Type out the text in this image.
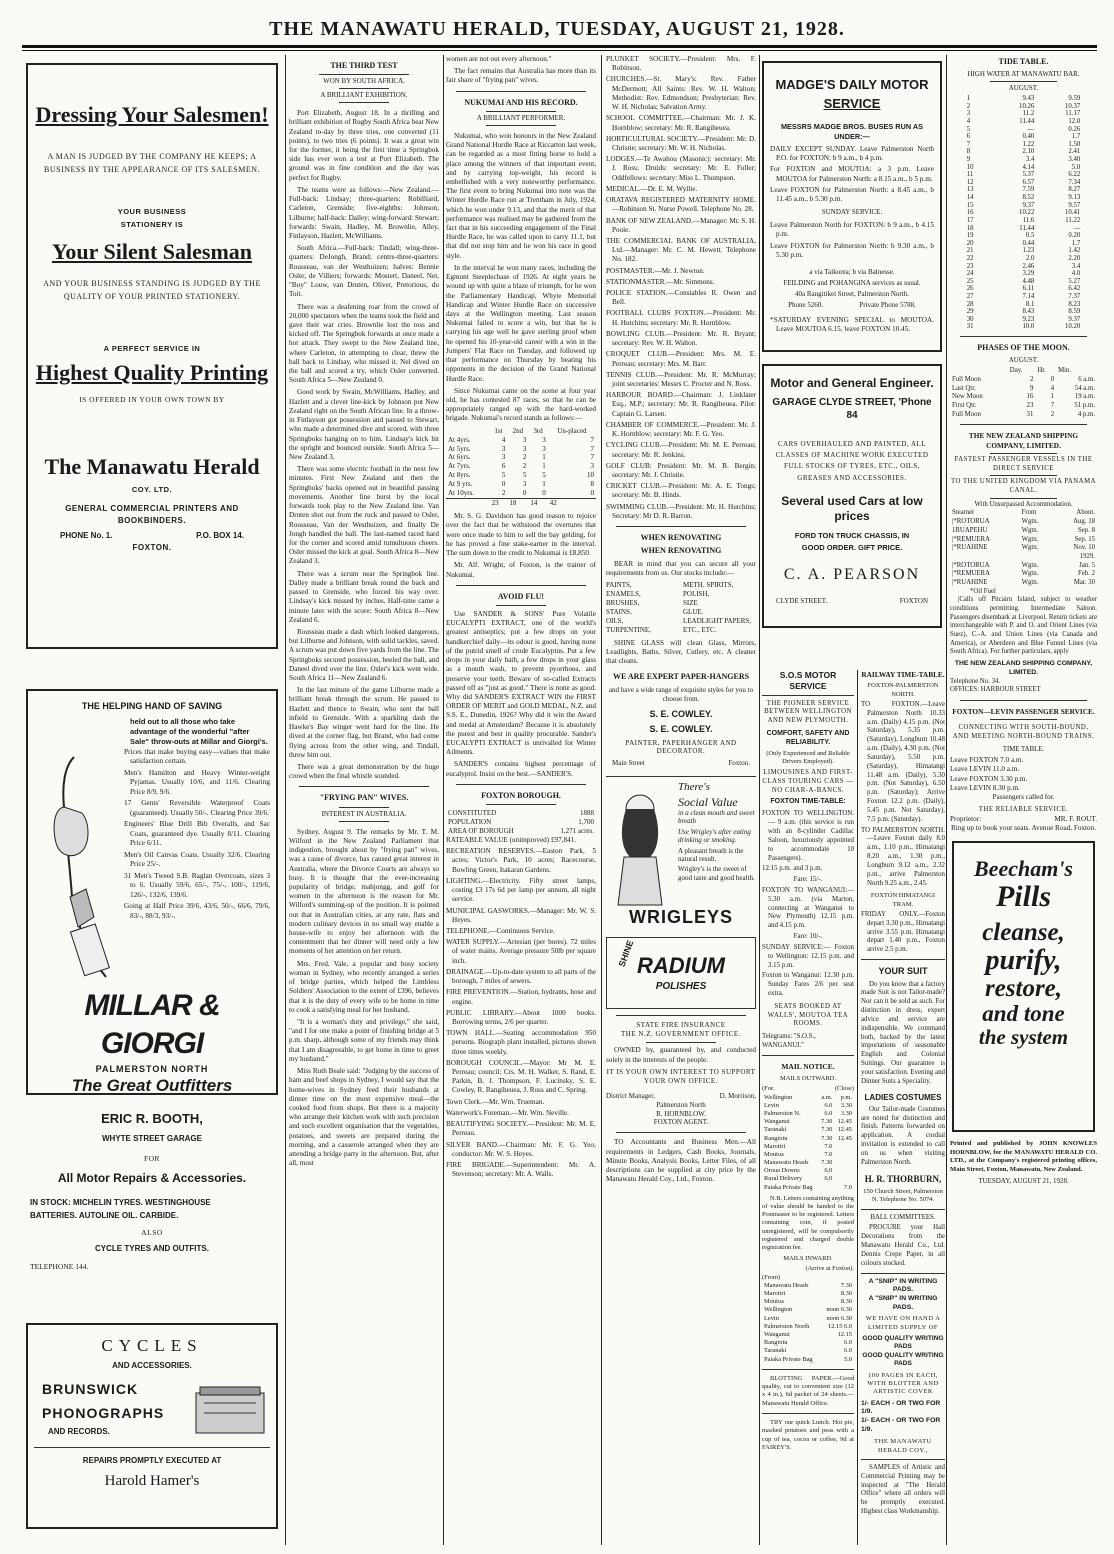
THE MANAWATU HERALD, TUESDAY, AUGUST 21, 1928.
Dressing Your Salesmen!
A MAN IS JUDGED BY THE COMPANY HE KEEPS; A BUSINESS BY THE APPEARANCE OF ITS SALESMEN.
YOUR BUSINESS STATIONERY IS
Your Silent Salesman
AND YOUR BUSINESS STANDING IS JUDGED BY THE QUALITY OF YOUR PRINTED STATIONERY.
A PERFECT SERVICE IN
Highest Quality Printing
IS OFFERED IN YOUR OWN TOWN BY
The Manawatu Herald
COY. LTD.
GENERAL COMMERCIAL PRINTERS AND BOOKBINDERS.
PHONE No. 1.	P.O. BOX 14.
FOXTON.
THE HELPING HAND OF SAVING
held out to all those who take advantage of the wonderful "after Sale" throw-outs at Millar and Giorgi's.

Prices that make buying easy—values that make satisfaction certain.

Men's Hamilton and Heavy Winter-weight Pyjamas. Usually 10/6, and 11/6. Clearing Price 8/9, 9/6.

17 Gents' Reversible Waterproof Coats (guaranteed). Usually 50/-. Clearing Price 39/6.

Engineers' Blue Drill Bib Overalls, and Sac Coats, guaranteed dye. Usually 8/11. Clearing Price 6/11.

Men's Oil Canvas Coats. Usually 32/6. Clearing Price 25/-.

31 Men's Tweed S.B. Raglan Overcoats, sizes 3 to 6. Usually 59/6, 65/-, 75/-, 100/-, 119/6, 126/-, 132/6, 139/6.

Going at Half Price 39/6, 43/6, 50/-, 66/6, 79/6, 83/-, 88/3, 93/-.

MILLAR & GIORGI
PALMERSTON NORTH
The Great Outfitters
ERIC R. BOOTH,
WHYTE STREET GARAGE
FOR
All Motor Repairs & Accessories.
IN STOCK: MICHELIN TYRES. WESTINGHOUSE BATTERIES. AUTOLINE OIL. CARBIDE.
ALSO
CYCLE TYRES AND OUTFITS.
TELEPHONE 144.
CYCLES
AND ACCESSORIES.
BRUNSWICK
PHONOGRAPHS
AND RECORDS.
REPAIRS PROMPTLY EXECUTED AT
Harold Hamer's
THE THIRD TEST
WON BY SOUTH AFRICA.
A BRILLIANT EXHIBITION.

Port Elizabeth, August 18. In a thrilling and brilliant exhibition of Rugby South Africa beat New Zealand to-day by three tries, one converted (11 points), to two tries (6 points). It was a great win for the former, it being the first time a Springbok side has ever won a test at Port Elizabeth. The ground was in fine condition and the day was perfect for Rugby.

The teams were as follows:—New Zealand.—Full-back: Lindsay; three-quarters: Robilliard, Carleton, Grenside; five-eighths: Johnson, Lilburne; half-back: Dalley; wing-forward: Stewart; forwards: Swain, Hadley, M. Brownlie, Alley, Finlayson, Hazlett, McWilliams.

South Africa.—Full-back: Tindall; wing-three-quarters: DeJongh, Brand; centre-three-quarters: Rousseau, van der Westhuizen; halves: Bennie Osler, de Villiers; forwards: Mostert, Daneel, Net, "Boy" Louw, van Druten, Oliver, Pretorious, du Toit.

There was a deafening roar from the crowd of 20,000 spectators when the teams took the field and gave their war cries. Brownlie lost the toss and kicked off. The Springbok forwards at once made a hot attack. They swept to the New Zealand line, where Carleton, in attempting to clear, threw the ball back to Lindsay, who missed it. Nel dived on the ball and scored a try, which Osler converted. South Africa 5—New Zealand 0.

Good work by Swain, McWilliams, Hadley, and Hazlett and a clever line-kick by Johnson put New Zealand right on the South African line. In a throw-in Finlayson got possession and passed to Stewart, who made a determined dive and scored, with three Springboks hanging on to him. Lindsay's kick hit the upright and bounced outside. South Africa 5—New Zealand 3.

There was some electric football in the next few minutes. First New Zealand and then the Springboks' backs opened out in beautiful passing movements. Another fine burst by the local forwards took play to the New Zealand line. Van Druten shot out from the ruck and passed to Osler, Rousseau, Van der Westhuizen, and finally De Jongh handled the ball. The last-named raced hard for the corner and scored amid tumultuous cheers. Osler missed the kick at goal. South Africa 8—New Zealand 3.

There was a scrum near the Springbok line. Dalley made a brilliant break round the back and passed to Grenside, who forced his way over. Lindsay's kick missed by inches. Half-time came a minute later with the score: South Africa 8—New Zealand 6.

Rousseau made a dash which looked dangerous, but Lilburne and Johnson, with solid tackles, saved. A scrum was put down five yards from the line. The Springboks secured possession, heeled the ball, and Daneel dived over the line. Osler's kick went wide. South Africa 11—New Zealand 6.

In the last minute of the game Lilburne made a brilliant break through the scrum. He passed to Hazlett and thence to Swain, who sent the ball infield to Grenside. With a sparkling dash the Hawke's Bay winger went hard for the line. He dived at the corner flag, but Brand, who had come flying across from the other wing, and Tindall, threw him out.

There was a great demonstration by the huge crowd when the final whistle sounded.

"FRYING PAN" WIVES.
INTEREST IN AUSTRALIA.

Sydney, August 9. The remarks by Mr. T. M. Wilford in the New Zealand Parliament that indigestion, brought about by "frying pan" wives, was a cause of divorce, has caused great interest in Australia, where the Divorce Courts are always so busy. It is thought that the ever-increasing popularity of bridge, mahjongg, and golf for women in the afternoon is the reason for Mr. Wilford's summing-up of the position. It is pointed out that in Australian cities, at any rate, flats and modern culinary devices in no small way enable a house-wife to enjoy her afternoon with the contentment that her dinner will need only a few moments of her attention on her return.

Mrs. Fred. Vale, a popular and busy society woman in Sydney, who recently arranged a series of bridge parties, which helped the Limbless Soldiers' Association to the extent of £396, believes that it is the duty of every wife to be home in time to cook a satisfying meal for her husband.

"It is a woman's duty and privilege," she said, "and I for one make a point of finishing bridge at 5 p.m. sharp, although some of my friends may think that I am disagreeable, to get home in time to greet my husband."

Miss Ruth Beale said: "Judging by the success of ham and beef shops in Sydney, I would say that the home-wives in Sydney feed their husbands at dinner time on the most expensive meal—the cooked food from shops. But there is a majority who arrange their kitchen work with such precision and such excellent organisation that the vegetables, potatoes, and sweets are prepared during the morning, and a casserole arranged when they are attending a bridge party in the afternoon. But, after all, most

women are not out every afternoon."

The fact remains that Australia has more than its fair share of "frying pan" wives.

NUKUMAI AND HIS RECORD.
A BRILLIANT PERFORMER.

Nukumai, who won honours in the New Zealand Grand National Hurdle Race at Riccarton last week, can be regarded as a most fitting horse to hold a place among the winners of that important event, and by carrying top-weight, his record is embellished with a very noteworthy performance. The first event to bring Nukumai into note was the Winter Hurdle Race run at Trentham in July, 1924, which he won under 9.13, and that the merit of that performance was realised may be gathered from the fact that in his succeeding engagement of the Final Hurdle Race, he was called upon to carry 11.1, but that did not stop him and he won his race in good style.

In the interval he won many races, including the Egmont Steeplechase of 1926. At eight years he wound up with quite a blaze of triumph, for he won the Parliamentary Handicap, Whyte Memorial Handicap and Winter Hurdle Race on successive days at the Wellington meeting. Last season Nukumai failed to score a win, but that he is carrying his age well he gave sterling proof when he opened his 10-year-old career with a win in the Jumpers' Flat Race on Tuesday, and followed up that performance on Thursday by beating his opponents in the decision of the Grand National Hurdle Race.

Since Nukumai came on the scene at four year old, he has contested 87 races, so that he can be appropriately ranged up with the hard-worked brigade. Nukumai's record stands as follows:—

	1st	2nd	3rd	Un-placed
At 4yrs.	4	3	3	7
At 5yrs.	3	3	3	7
At 6yrs.	3	2	1	7
At 7yrs.	6	2	1	3
At 8yrs.	5	5	5	10
At 9 yrs.	0	3	1	8
At 10yrs.	2	0	0	0
	23	18	14	42

Mr. S. G. Davidson has good reason to rejoice over the fact that he withstood the overtures that were once made to him to sell the bay gelding, for he has proved a fine stake-earner in the interval. The sum down to the credit to Nukumai is £8,850.

Mr. Alf. Wright, of Foxton, is the trainer of Nukumai.

AVOID FLU!

Use SANDER & SONS' Pure Volatile EUCALYPTI EXTRACT, one of the world's greatest antiseptics; put a few drops on your handkerchief daily—its odour is good, having none of the putrid smell of crude Eucalyptus. Put a few drops in your daily bath, a few drops in your glass as a mouth wash, to prevent pyorrhoea, and preserve your teeth. Beware of so-called Extracts passed off as "just as good." There is none as good. Why did SANDER'S EXTRACT WIN the FIRST ORDER OF MERIT and GOLD MEDAL, N.Z. and S.S. E., Dunedin, 1926? Why did it win the Award and medal at Amsterdam? Because it is absolutely the purest and best in quality procurable. Sander's EUCALYPTI EXTRACT is unrivalled for Winter Ailments.

SANDER'S contains highest percentage of eucalyptol. Insist on the best.—SANDER'S.

FOXTON BOROUGH.
CONSTITUTED	1888
POPULATION	1,700
AREA OF BOROUGH	1,271 acres.

RATEABLE VALUE (unimproved) £97,841.

RECREATION RESERVES.—Easton Park, 5 acres; Victor's Park, 10 acres; Racecourse, Bowling Green, Itakaran Gardens.

LIGHTING.—Electricity. Fifty street lamps, costing £3 17s 6d per lamp per annum, all night service.

MUNICIPAL GASWORKS.—Manager: Mr. W. S. Heyes.

TELEPHONE.—Continuous Service.

WATER SUPPLY.—Artesian (per bores). 72 miles of water mains. Average pressure 50lb per square inch.

DRAINAGE.—Up-to-date system to all parts of the borough, 7 miles of sewers.

FIRE PREVENTION.—Station, hydrants, hose and engine.

PUBLIC LIBRARY.—About 1000 books. Borrowing terms, 2/6 per quarter.

TOWN HALL.—Seating accommodation 950 persons. Biograph plant installed, pictures shown three times weekly.

BOROUGH COUNCIL.—Mayor: Mr M. E. Perreau; council: Crs. M. H. Walker, S. Rand, E. Parkin, B. J. Thompson, F. Lucinsky, S. E. Cowley, R. Rangiheuea, J. Ross and C. Spring.

Town Clerk.—Mr. Wm. Trueman.

Waterwork's Foreman.—Mr. Wm. Neville.

BEAUTIFYING SOCIETY.—President: Mr. M. E. Perreau.

SILVER BAND.—Chairman: Mr. F. G. Yeo; conductor: Mr. W. S. Heyes.

FIRE BRIGADE.—Superintendent: Mr. A. Stevenson; secretary: Mr. A. Walls.

PLUNKET SOCIETY.—President: Mrs. F. Robinson.

CHURCHES.—St. Mary's: Rev. Father McDermott; All Saints: Rev. W. H. Walton; Methodist: Rev. Edmondson; Presbyterian: Rev. W. H. Nicholas; Salvation Army.

SCHOOL COMMITTEE.—Chairman: Mr. J. K. Hornblow; secretary: Mr. R. Rangiheuea.

HORTICULTURAL SOCIETY.—President: Mr. D. Christie; secretary: Mr. W. H. Nicholas.

LODGES.—Te Awahou (Masonic): secretary: Mr. J. Ross; Druids: secretary: Mr. E. Fuller; Oddfellows: secretary: Miss L. Thompson.

MEDICAL.—Dr. E. M. Wyllie.

ORATAVA REGISTERED MATERNITY HOME.—Robinson St. Nurse Powell. Telephone No. 28.

BANK OF NEW ZEALAND.—Manager: Mr. S. H. Poole.

THE COMMERCIAL BANK OF AUSTRALIA, Ltd.—Manager: Mr. C. M. Hewett. Telephone No. 182.

POSTMASTER.—Mr. J. Newton.

STATIONMASTER.—Mr. Simmons.

POLICE STATION.—Constables R. Owen and Bell.

FOOTBALL CLUBS FOXTON.—President: Mr. H. Hutchins; secretary: Mr. R. Hornblow.

BOWLING CLUB.—President: Mr. R. Bryant; secretary: Rev. W. H. Walton.

CROQUET CLUB.—President: Mrs. M. E. Perreau; secretary: Mrs. M. Barr.

TENNIS CLUB.—President: Mr. R. McMurray; joint secretaries: Messrs C. Procter and N. Ross.

HARBOUR BOARD.—Chairman: J. Linklater Esq., M.P.; secretary: Mr. R. Rangiheuea. Pilot: Captain G. Larsen.

CHAMBER OF COMMERCE.—President: Mr. J. K. Hornblow; secretary: Mr. F. G. Yeo.

CYCLING CLUB.—President: Mr. M. E. Perreau; secretary: Mr. R. Jenkins.

GOLF CLUB: President: Mr. M. B. Bergin; secretary: Mr. J. Christie.

CRICKET CLUB.—President: Mr. A. E. Tongs; secretary: Mr. B. Hinds.

SWIMMING CLUB.—President: Mr. H. Hutchins; Secretary: Mr D. R. Barron.

WHEN RENOVATING
WHEN RENOVATING

BEAR in mind that you can secure all your requirements from us. Our stocks include:—

PAINTS,
ENAMELS,
BRUSHES,
STAINS,
OILS,
TURPENTINE,
METH. SPIRITS,
POLISH,
SIZE
GLUE.
LEADLIGHT PAPERS, ETC., ETC.

SHINE GLASS will clean Glass, Mirrors, Leadlights, Baths, Silver, Cutlery, etc. A cleaner that cleans.

WE ARE EXPERT PAPER-HANGERS
and have a wide range of exquisite styles for you to choose from.
S. E. COWLEY.
S. E. COWLEY.
PAINTER, PAPERHANGER AND DECORATOR.
Main Street	Foxton.
There's
Social Value
in a clean mouth and sweet breath
Use Wrigley's after eating drinking or smoking.
A pleasant breath is the natural result.
Wrigley's is the sweet of good taste and good health.
WRIGLEYS
SHINE RADIUM
POLISHES
STATE FIRE INSURANCE
THE N.Z. GOVERNMENT OFFICE.

OWNED by, guaranteed by, and conducted solely in the interests of the people.

IT IS YOUR OWN INTEREST TO SUPPORT YOUR OWN OFFICE.
District Manager,	D. Morrison,
Palmerston North
R. HORNBLOW.
FOXTON AGENT.

TO Accountants and Business Men.—All requirements in Ledgers, Cash Books, Journals, Minute Books, Analysis Books, Letter Files, of all descriptions can be supplied at city price by the Manawatu Herald Coy., Ltd., Foxton.

MADGE'S DAILY MOTOR
SERVICE
MESSRS MADGE BROS. BUSES RUN AS UNDER:—

DAILY EXCEPT SUNDAY. Leave Palmerston North P.O. for FOXTON: b 9 a.m., b 4 p.m.

For FOXTON and MOUTOA: a 3 p.m. Leave MOUTOA for Palmerston North: a 8.15 a.m., b 5 p.m.

Leave FOXTON for Palmerston North: a 8.45 a.m., b 11.45 a.m., b 5.30 p.m.

SUNDAY SERVICE.

Leave Palmerston North for FOXTON: b 9 a.m., b 4.15 p.m.

Leave FOXTON for Palmerston North: b 9.30 a.m., b 5.30 p.m.

a via Taikorea; b via Balnesse.
FEILDING and POHANGINA services as usual.
40a Rangitikei Street, Palmerston North.
Phone 5260.	Private Phone 5788.

*SATURDAY EVENING SPECIAL to MOUTOA. Leave MOUTOA 6.15, leave FOXTON 10.45.

Motor and General Engineer.
GARAGE CLYDE STREET, 'Phone 84
CARS OVERHAULED AND PAINTED, ALL CLASSES OF MACHINE WORK EXECUTED FULL STOCKS OF TYRES, ETC., OILS, GREASES AND ACCESSORIES.
Several used Cars at low prices
FORD TON TRUCK CHASSIS, IN GOOD ORDER. GIFT PRICE.
C. A. PEARSON
CLYDE STREET.	FOXTON
S.O.S MOTOR SERVICE
THE PIONEER SERVICE BETWEEN WELLINGTON AND NEW PLYMOUTH.
COMFORT, SAFETY AND RELIABILITY.
(Only Experienced and Reliable Drivers Employed).
LIMOUSINES AND FIRST-CLASS TOURING CARS — NO CHAR-A-BANCS.
FOXTON TIME-TABLE:

FOXTON TO WELLINGTON.— 9 a.m. (this service is run with an 8-cylinder Cadillac Saloon, luxuriously appointed to accommodate 10 Passengers).

12.15 p.m. and 3 p.m.

Fare: 15/-.

FOXTON TO WANGANUI:— 5.30 a.m. (via Marton, connecting at Wanganui to New Plymouth) 12.15 p.m. and 4.15 p.m.

Fare: 10/-.

SUNDAY SERVICE:— Foxton to Wellington: 12.15 p.m. and 3.15 p.m.

Foxton to Wanganui: 12.30 p.m. Sunday Fares 2/6 per seat extra.

SEATS BOOKED AT WALLS', MOUTOA TEA ROOMS.
Telegrams: "S.O.S., WANGANUI."
MAIL NOTICE.
MAILS OUTWARD.
(For.	(Close)
Wellington	a.m.	p.m.
Levin	6.0	3.30
Palmerston N.	6.0	3.30
Wanganui	7.30	12.45
Taranaki	7.30	12.45
Rangiotu	7.30	12.45
Marotiri	7.0	
Moutoa	7.0	
Manawatu Heads	7.30	
Oroua Downs	6.0	
Rural Delivery	6.0	
Paiaka Private Bag		7.0

N.B. Letters containing anything of value should be handed to the Postmaster to be registered. Letters containing coin, if posted unregistered, will be compulsorily registered and charged double registration fee.

MAILS INWARD.
(Arrive at Foxton).
(From)
Manawatu Heads	7.30
Marotiri	8.30
Moutoa	8.30
Wellington	noon 6.30
Levin	noon 6.30
Palmerston North	12.15 6.0
Wanganui	12.15
Rangiotu	6.0
Taranaki	6.0
Paiaka Private Bag	5.0

BLOTTING PAPER.—Good quality, cut to convenient size (12 x 4 in.), 6d packet of 24 sheets.—Manawatu Herald Office.

TRY our quick Lunch. Hot pie, mashed potatoes and peas with a cup of tea, cocoa or coffee, 9d at FAIREY'S.

RAILWAY TIME-TABLE.
FOXTON-PALMERSTON NORTH.

TO FOXTON.—Leave Palmerston North 10.33 a.m. (Daily) 4.15 p.m. (Not Saturday), 5.35 p.m. (Saturday), Longburn 10.48 a.m. (Daily), 4.30 p.m. (Not Saturday), 5.50 p.m. (Saturday), Himatangi 11.48 a.m. (Daily), 5.30 p.m. (Not Saturday), 6.50 p.m. (Saturday); Arrive Foxton 12.2 p.m. (Daily), 5.45 p.m. Not Saturday), 7.5 p.m. (Saturday).

TO PALMERSTON NORTH.—Leave Foxton daily 8.0 a.m., 1.10 p.m., Himatangi 8.20 a.m., 1.30 p.m., Longburn 9.12 a.m., 2.32 p.m., arrive Palmerston North 9.25 a.m., 2.45.

FOXTON HIMATANGI TRAM.

FRIDAY ONLY.—Foxton depart 3.30 p.m., Himatangi arrive 3.55 p.m. Himatangi depart 1.40 p.m., Foxton arrive 2.5 p.m.

YOUR SUIT

Do you know that a factory made Suit is not Tailor-made? Nor can it be sold as such. For distinction in dress, expert advice and service are indispensible. We command both, backed by the latest importations of seasonable English and Colonial Suitings. Our guarantee is your satisfaction. Evening and Dinner Suits a Speciality.

LADIES COSTUMES

Our Tailor-made Costumes are noted for distinction and finish. Patterns forwarded on application. A cordial invitation is extended to call on us when visiting Palmerston North.

H. R. THORBURN,
150 Church Street, Palmerston N. Telephone No. 5074.
BALL COMMITTEES.

PROCURE your Hall Decorations from the Manawatu Herald Co., Ltd. Dennis Crepe Paper, in all colours stocked.

A "SNIP" IN WRITING PADS.
A "SNIP" IN WRITING PADS.
WE HAVE ON HAND A LIMITED SUPPLY OF
GOOD QUALITY WRITING PADS
GOOD QUALITY WRITING PADS
100 PAGES IN EACH, WITH BLOTTER AND ARTISTIC COVER
1/- EACH - OR TWO FOR 1/9.
1/- EACH - OR TWO FOR 1/9.
THE MANAWATU HERALD COY.,

SAMPLES of Artistic and Commercial Printing may be inspected at "The Herald Office" where all orders will be promptly executed. Highest class Workmanship.

TIDE TABLE.
HIGH WATER AT MANAWATU BAR.
AUGUST.
1	9.43	9.59
2	10.26	10.37
3	11.2	11.17
4	11.44	12.0
5	—	0.26
6	0.40	1.7
7	1.22	1.50
8	2.10	2.41
9	3.4	3.40
10	4.14	5.0
11	5.37	6.22
12	6.57	7.34
13	7.59	8.27
14	8.52	9.13
15	9.37	9.57
16	10.22	10.41
17	11.6	11.22
18	11.44	—
19	0.5	0.20
20	0.44	1.7
21	1.23	1.42
22	2.0	2.20
23	2.46	3.4
24	3.29	4.0
25	4.48	5.27
26	6.11	6.42
27	7.14	7.37
28	8.1	8.23
29	8.43	8.59
30	9.23	9.37
31	10.0	10.20
PHASES OF THE MOON.
AUGUST.
	Day.	Hr.	Min.
Full Moon	2	0	6 a.m.
Last Qtr.	9	4	54 a.m.
New Moon	16	1	19 a.m.
First Qtr.	23	7	51 p.m.
Full Moon	31	2	4 p.m.
THE NEW ZEALAND SHIPPING COMPANY, LIMITED.
FASTEST PASSENGER VESSELS IN THE DIRECT SERVICE
TO THE UNITED KINGDOM VIA PANAMA CANAL.
With Unsurpassed Accommodation.
Steamer	From	About.
|*ROTORUA	Wgtn.	Aug. 18
1RUAPEHU	Wgtn.	Sep. 8
|*REMUERA	Wgtn.	Sep. 15
|*RUAHINE	Wgtn.	Nov. 10
		1929.
|*ROTORUA	Wgtn.	Jan. 5
|*REMUERA	Wgtn.	Feb. 2
|*RUAHINE	Wgtn.	Mar. 30
*Oil Fuel

|Calls off Pitcairn Island, subject to weather conditions permitting. Intermediate Saloon. Passengers disembark at Liverpool. Return tickets are interchangeable with P. and O. and Orient Lines (via Suez), C.-A. and Union Lines (via Canada and America), or Aberdeen and Blue Funnel Lines (via South Africa). For further particulars, apply

THE NEW ZEALAND SHIPPING COMPANY, LIMITED.
Telephone No. 34.
OFFICES: HARBOUR STREET
FOXTON—LEVIN PASSENGER SERVICE.
CONNECTING WITH SOUTH-BOUND, AND MEETING NORTH-BOUND TRAINS.
TIME TABLE.
Leave FOXTON 7.0 a.m.
Leave LEVIN 11.0 a.m.
Leave FOXTON 3.30 p.m.
Leave LEVIN 8.30 p.m.
Passengers called for.
THE RELIABLE SERVICE.
Proprietor:	MR. F. ROUT.
Ring up to book your seats. Avenue Road, Foxton.
Beecham's
Pills
cleanse,
purify,
restore,
and tone
the system

Printed and published by JOHN KNOWLES HORNBLOW, for the MANAWATU HERALD CO. LTD., at the Company's registered printing offices, Main Street, Foxton, Manawatu, New Zealand.

TUESDAY, AUGUST 21, 1928.
